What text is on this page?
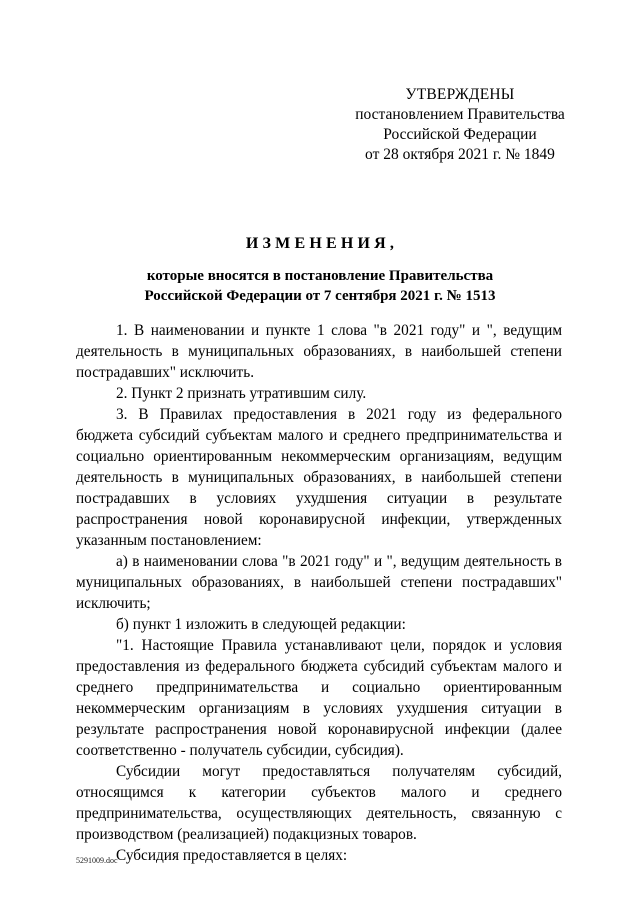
УТВЕРЖДЕНЫ
постановлением Правительства
Российской Федерации
от 28 октября 2021 г. № 1849
ИЗМЕНЕНИЯ,
которые вносятся в постановление Правительства
Российской Федерации от 7 сентября 2021 г. № 1513

1. В наименовании и пункте 1 слова "в 2021 году" и ", ведущим деятельность в муниципальных образованиях, в наибольшей степени пострадавших" исключить.

2. Пункт 2 признать утратившим силу.

3. В Правилах предоставления в 2021 году из федерального бюджета субсидий субъектам малого и среднего предпринимательства и социально ориентированным некоммерческим организациям, ведущим деятельность в муниципальных образованиях, в наибольшей степени пострадавших в условиях ухудшения ситуации в результате распространения новой коронавирусной инфекции, утвержденных указанным постановлением:

а) в наименовании слова "в 2021 году" и ", ведущим деятельность в муниципальных образованиях, в наибольшей степени пострадавших" исключить;

б) пункт 1 изложить в следующей редакции:

"1. Настоящие Правила устанавливают цели, порядок и условия предоставления из федерального бюджета субсидий субъектам малого и среднего предпринимательства и социально ориентированным некоммерческим организациям в условиях ухудшения ситуации в результате распространения новой коронавирусной инфекции (далее соответственно - получатель субсидии, субсидия).

Субсидии могут предоставляться получателям субсидий, относящимся к категории субъектов малого и среднего предпринимательства, осуществляющих деятельность, связанную с производством (реализацией) подакцизных товаров.

Субсидия предоставляется в целях:

5291009.doc
